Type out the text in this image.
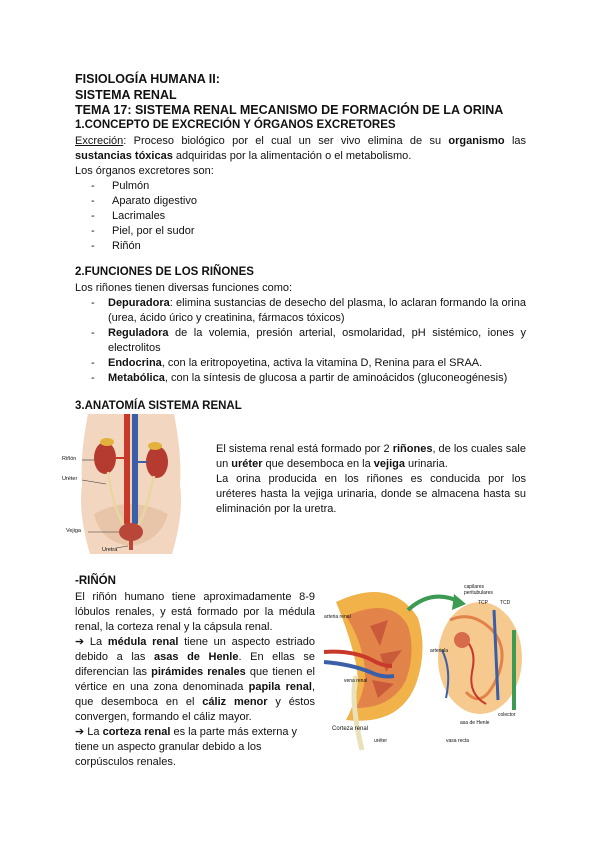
FISIOLOGÍA HUMANA II:
SISTEMA RENAL
TEMA 17: SISTEMA RENAL MECANISMO DE FORMACIÓN DE LA ORINA
1.CONCEPTO DE EXCRECIÓN Y ÓRGANOS EXCRETORES
Excreción: Proceso biológico por el cual un ser vivo elimina de su organismo las sustancias tóxicas adquiridas por la alimentación o el metabolismo.
Los órganos excretores son:
- Pulmón
- Aparato digestivo
- Lacrimales
- Piel, por el sudor
- Riñón
2.FUNCIONES DE LOS RIÑONES
Los riñones tienen diversas funciones como:
- Depuradora: elimina sustancias de desecho del plasma, lo aclaran formando la orina (urea, ácido úrico y creatinina, fármacos tóxicos)
- Reguladora de la volemia, presión arterial, osmolaridad, pH sistémico, iones y electrolitos
- Endocrina, con la eritropoyetina, activa la vitamina D, Renina para el SRAA.
- Metabólica, con la síntesis de glucosa a partir de aminoácidos (gluconeogénesis)
3.ANATOMÍA SISTEMA RENAL
Riñón
Uréter
Vejiga
Uretra
El sistema renal está formado por 2 riñones, de los cuales sale un uréter que desemboca en la vejiga urinaria.
La orina producida en los riñones es conducida por los uréteres hasta la vejiga urinaria, donde se almacena hasta su eliminación por la uretra.
-RIÑÓN
El riñón humano tiene aproximadamente 8-9 lóbulos renales, y está formado por la médula renal, la corteza renal y la cápsula renal.
➔ La médula renal tiene un aspecto estriado debido a las asas de Henle. En ellas se diferencian las pirámides renales que tienen el vértice en una zona denominada papila renal, que desemboca en el cáliz menor y éstos convergen, formando el cáliz mayor.
➔ La corteza renal es la parte más externa y tiene un aspecto granular debido a los corpúsculos renales.
arteria renal
vena renal
Corteza renal
uréter
capilares peritubulares
arteriola
TCP TCD
asa de Henle
colector
vasa recta
